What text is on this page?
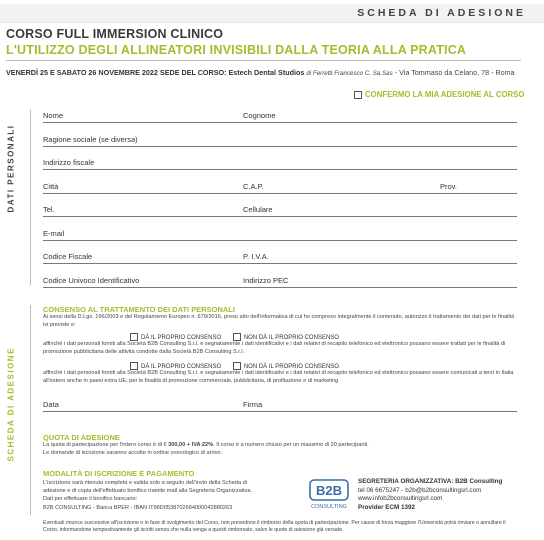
SCHEDA DI ADESIONE
CORSO FULL IMMERSION CLINICO
L'UTILIZZO DEGLI ALLINEATORI INVISIBILI DALLA TEORIA ALLA PRATICA
VENERDÌ 25 E SABATO 26 NOVEMBRE 2022 SEDE DEL CORSO: Estech Dental Studios di Ferretti Francesco C. Sa.Sas - Via Tommaso da Celano, 78 - Roma
CONFERMO LA MIA ADESIONE AL CORSO
DATI PERSONALI
SCHEDA DI ADESIONE
Nome	Cognome
Ragione sociale (se diversa)
Indirizzo fiscale
Città	C.A.P.	Prov.
Tel.	Cellulare
E-mail
Codice Fiscale	P. I.V.A.
Codice Univoco Identificativo	Indirizzo PEC
CONSENSO AL TRATTAMENTO DEI DATI PERSONALI
Ai sensi della D.Lgs. 196/2003 e del Regolamento Europeo n. 679/2016, preso atto dell'informativa di cui ho compreso integralmente il contenuto, autorizzo il trattamento dei dati per le finalità ivi previste e:
DÀ IL PROPRIO CONSENSO	NON DÀ IL PROPRIO CONSENSO
affinché i dati personali forniti alla Società B2B Consulting S.r.l. e segnatamente i dati identificativi e i dati relativi di recapito telefonico ed elettronico possano essere trattati per le finalità di promozione pubblicitaria delle attività condotte dalla Società B2B Consulting S.r.l.
DÀ IL PROPRIO CONSENSO	NON DÀ IL PROPRIO CONSENSO
affinché i dati personali forniti alla Società B2B Consulting S.r.l. e segnatamente i dati identificativi e i dati relativi di recapito telefonico ed elettronico possano essere comunicati a terzi in Italia all'estero anche in paesi extra UE, per le finalità di promozione commerciale, pubblicitaria, di profilazione e di marketing
Data	Firma
QUOTA DI ADESIONE
La quota di partecipazione per l'intero corso è di € 300,00 + IVA 22%. Il corso è a numero chiuso per un massimo di 20 partecipanti.
Le domande di iscrizione saranno accolte in ordine cronologico di arrivo.
MODALITÀ DI ISCRIZIONE E PAGAMENTO
L'iscrizione sarà ritenuta completa e valida solo a seguito dell'invio della Scheda di
adesione e di copia dell'effettuato bonifico tramite mail alla Segreteria Organizzativa.
Dati per effettuare il bonifico bancario:
B2B CONSULTING - Banca BPER - IBAN IT98D0538702684000042880263
B2B
CONSULTING
SEGRETERIA ORGANIZZATIVA: B2B Consulting
tel 06 6675247 - b2b@b2bconsultingsrl.com
www.infob2bconsultingsrl.com
Provider ECM 1392
Eventuali rinunce successive all'iscrizione o in fase di svolgimento del Corso, non prevedono il rimborso della quota di partecipazione. Per cause di forza maggiore l'Università potrà rinviare o annullare il Corso, informandone tempestivamente gli iscritti senza che nulla venga a questi rimborsato, salvo le quote di adesione già versate.
